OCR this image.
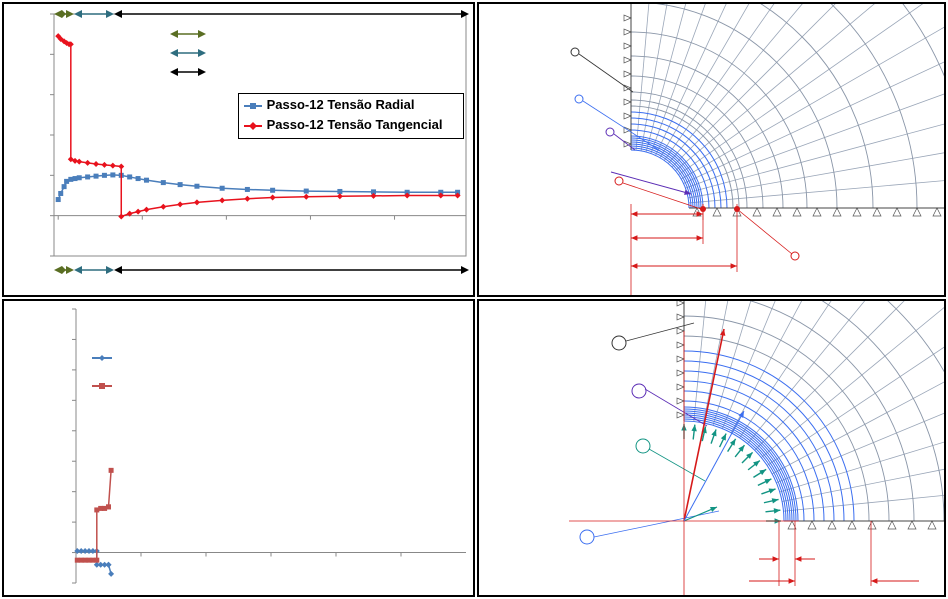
Passo-12 Tensão Radial
Passo-12 Tensão Tangencial
